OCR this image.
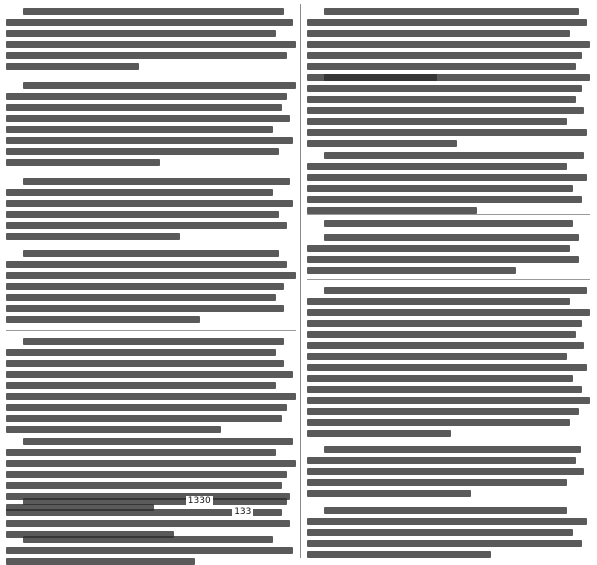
1330
133
